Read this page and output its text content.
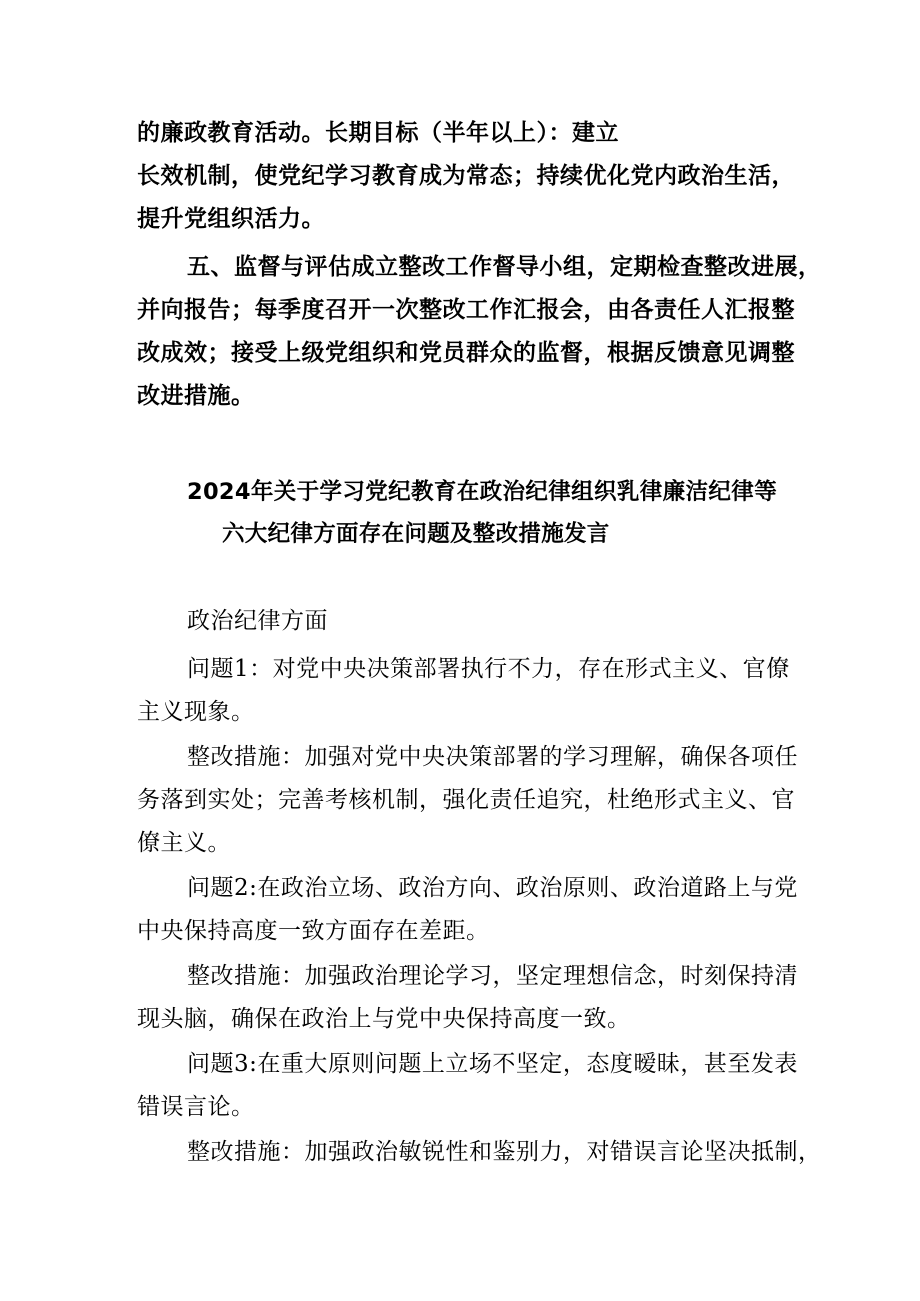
的廉政教育活动。长期目标（半年以上）：建立
长效机制，使党纪学习教育成为常态；持续优化党内政治生活，
提升党组织活力。
五、监督与评估成立整改工作督导小组，定期检查整改进展，
并向报告；每季度召开一次整改工作汇报会，由各责任人汇报整
改成效；接受上级党组织和党员群众的监督，根据反馈意见调整
改进措施。
2024年关于学习党纪教育在政治纪律组织乳律廉洁纪律等
六大纪律方面存在问题及整改措施发言
政治纪律方面
问题1：对党中央决策部署执行不力，存在形式主义、官僚
主义现象。
整改措施：加强对党中央决策部署的学习理解，确保各项任
务落到实处；完善考核机制，强化责任追究，杜绝形式主义、官
僚主义。
问题2:在政治立场、政治方向、政治原则、政治道路上与党
中央保持高度一致方面存在差距。
整改措施：加强政治理论学习，坚定理想信念，时刻保持清
现头脑，确保在政治上与党中央保持高度一致。
问题3:在重大原则问题上立场不坚定，态度暧昧，甚至发表
错误言论。
整改措施：加强政治敏锐性和鉴别力，对错误言论坚决抵制，
